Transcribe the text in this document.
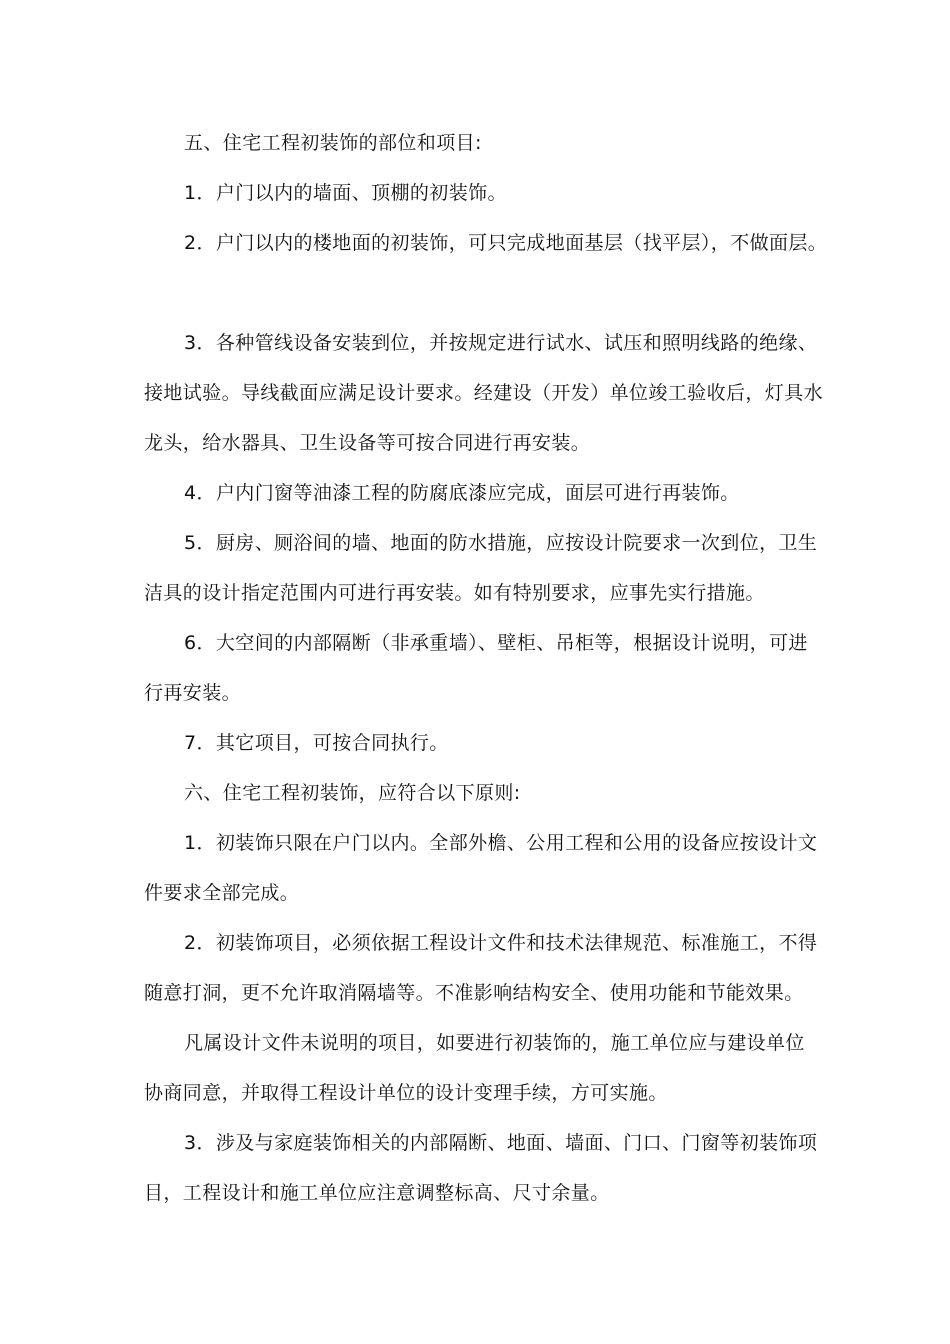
五、住宅工程初装饰的部位和项目:

1．户门以内的墙面、顶棚的初装饰。

2．户门以内的楼地面的初装饰，可只完成地面基层（找平层），不做面层。

3．各种管线设备安装到位，并按规定进行试水、试压和照明线路的绝缘、接地试验。导线截面应满足设计要求。经建设（开发）单位竣工验收后，灯具水龙头，给水器具、卫生设备等可按合同进行再安装。

4．户内门窗等油漆工程的防腐底漆应完成，面层可进行再装饰。

5．厨房、厕浴间的墙、地面的防水措施，应按设计院要求一次到位，卫生洁具的设计指定范围内可进行再安装。如有特别要求，应事先实行措施。

6．大空间的内部隔断（非承重墙）、壁柜、吊柜等，根据设计说明，可进行再安装。

7．其它项目，可按合同执行。

六、住宅工程初装饰，应符合以下原则:

1．初装饰只限在户门以内。全部外檐、公用工程和公用的设备应按设计文件要求全部完成。

2．初装饰项目，必须依据工程设计文件和技术法律规范、标准施工，不得随意打洞，更不允许取消隔墙等。不准影响结构安全、使用功能和节能效果。

凡属设计文件未说明的项目，如要进行初装饰的，施工单位应与建设单位协商同意，并取得工程设计单位的设计变理手续，方可实施。

3．涉及与家庭装饰相关的内部隔断、地面、墙面、门口、门窗等初装饰项目，工程设计和施工单位应注意调整标高、尺寸余量。
